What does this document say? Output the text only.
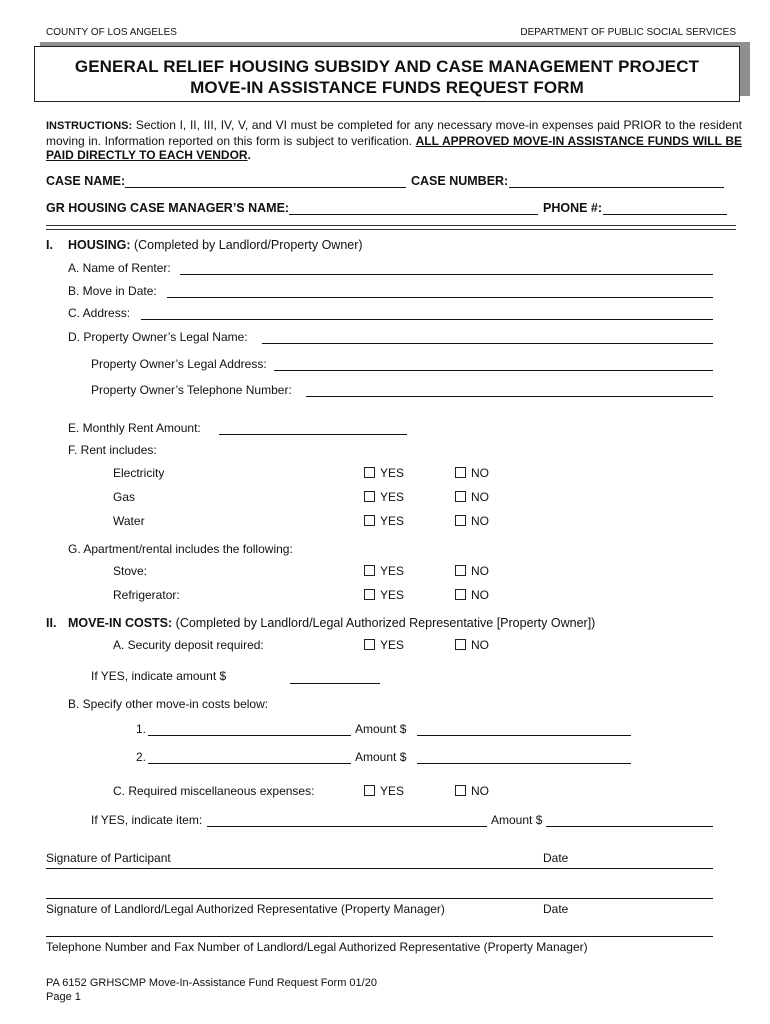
COUNTY OF LOS ANGELES	DEPARTMENT OF PUBLIC SOCIAL SERVICES
GENERAL RELIEF HOUSING SUBSIDY AND CASE MANAGEMENT PROJECT
MOVE-IN ASSISTANCE FUNDS REQUEST FORM
INSTRUCTIONS: Section I, II, III, IV, V, and VI must be completed for any necessary move-in expenses paid PRIOR to the resident moving in. Information reported on this form is subject to verification. ALL APPROVED MOVE-IN ASSISTANCE FUNDS WILL BE PAID DIRECTLY TO EACH VENDOR.
CASE NAME:	CASE NUMBER:
GR HOUSING CASE MANAGER’S NAME:	PHONE #:
I. HOUSING: (Completed by Landlord/Property Owner)
A. Name of Renter:
B. Move in Date:
C. Address:
D. Property Owner’s Legal Name:
Property Owner’s Legal Address:
Property Owner’s Telephone Number:
E. Monthly Rent Amount:
F. Rent includes:
Electricity	YES	NO
Gas	YES	NO
Water	YES	NO
G. Apartment/rental includes the following:
Stove:	YES	NO
Refrigerator:	YES	NO
II. MOVE-IN COSTS: (Completed by Landlord/Legal Authorized Representative [Property Owner])
A. Security deposit required:	YES	NO
If YES, indicate amount $
B. Specify other move-in costs below:
1.	Amount $
2.	Amount $
C. Required miscellaneous expenses:	YES	NO
If YES, indicate item:	Amount $
Signature of Participant	Date
Signature of Landlord/Legal Authorized Representative (Property Manager)	Date
Telephone Number and Fax Number of Landlord/Legal Authorized Representative (Property Manager)
PA 6152 GRHSCMP Move-In-Assistance Fund Request Form 01/20
Page 1
